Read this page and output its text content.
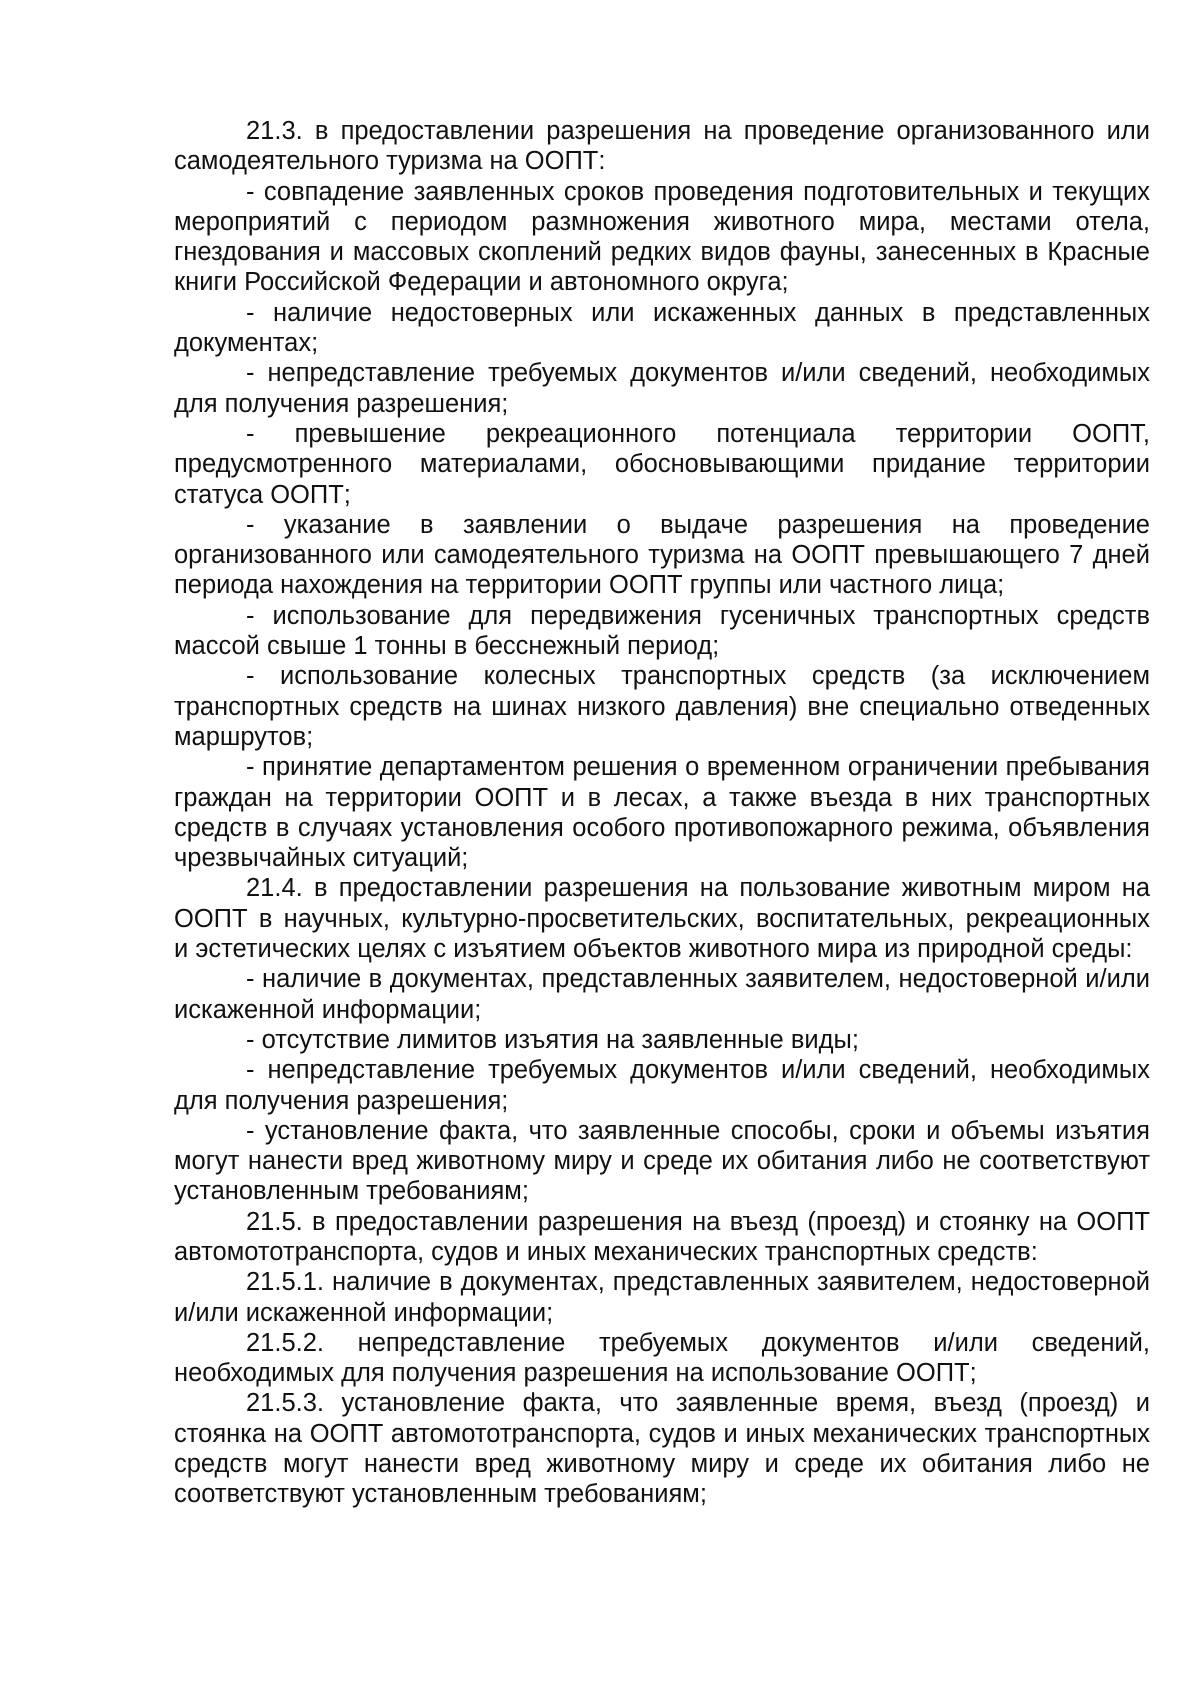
21.3. в предоставлении разрешения на проведение организованного или самодеятельного туризма на ООПТ:

- совпадение заявленных сроков проведения подготовительных и текущих мероприятий с периодом размножения животного мира, местами отела, гнездования и массовых скоплений редких видов фауны, занесенных в Красные книги Российской Федерации и автономного округа;

- наличие недостоверных или искаженных данных в представленных документах;

- непредставление требуемых документов и/или сведений, необходимых для получения разрешения;

- превышение рекреационного потенциала территории ООПТ, предусмотренного материалами, обосновывающими придание территории статуса ООПТ;

- указание в заявлении о выдаче разрешения на проведение организованного или самодеятельного туризма на ООПТ превышающего 7 дней периода нахождения на территории ООПТ группы или частного лица;

- использование для передвижения гусеничных транспортных средств массой свыше 1 тонны в бесснежный период;

- использование колесных транспортных средств (за исключением транспортных средств на шинах низкого давления) вне специально отведенных маршрутов;

- принятие департаментом решения о временном ограничении пребывания граждан на территории ООПТ и в лесах, а также въезда в них транспортных средств в случаях установления особого противопожарного режима, объявления чрезвычайных ситуаций;

21.4. в предоставлении разрешения на пользование животным миром на ООПТ в научных, культурно-просветительских, воспитательных, рекреационных и эстетических целях с изъятием объектов животного мира из природной среды:

- наличие в документах, представленных заявителем, недостоверной и/или искаженной информации;

- отсутствие лимитов изъятия на заявленные виды;

- непредставление требуемых документов и/или сведений, необходимых для получения разрешения;

- установление факта, что заявленные способы, сроки и объемы изъятия могут нанести вред животному миру и среде их обитания либо не соответствуют установленным требованиям;

21.5. в предоставлении разрешения на въезд (проезд) и стоянку на ООПТ автомототранспорта, судов и иных механических транспортных средств:

21.5.1. наличие в документах, представленных заявителем, недостоверной и/или искаженной информации;

21.5.2. непредставление требуемых документов и/или сведений, необходимых для получения разрешения на использование ООПТ;

21.5.3. установление факта, что заявленные время, въезд (проезд) и стоянка на ООПТ автомототранспорта, судов и иных механических транспортных средств могут нанести вред животному миру и среде их обитания либо не соответствуют установленным требованиям;
